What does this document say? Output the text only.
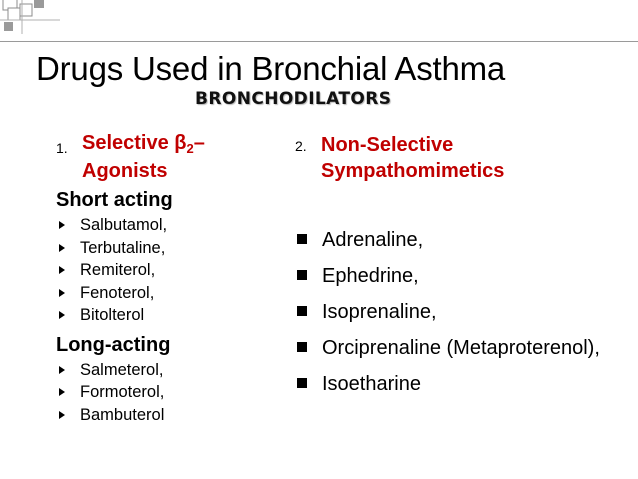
Drugs Used in Bronchial Asthma
BRONCHODILATORS
1. Selective $\beta_2-$
Agonists
Short acting
Salbutamol,
Terbutaline,
Remiterol,
Fenoterol,
Bitolterol
Long-acting
Salmeterol,
Formoterol,
Bambuterol
2. Non-Selective
Sympathomimetics
Adrenaline,
Ephedrine,
Isoprenaline,
Orciprenaline (Metaproterenol),
Isoetharine
